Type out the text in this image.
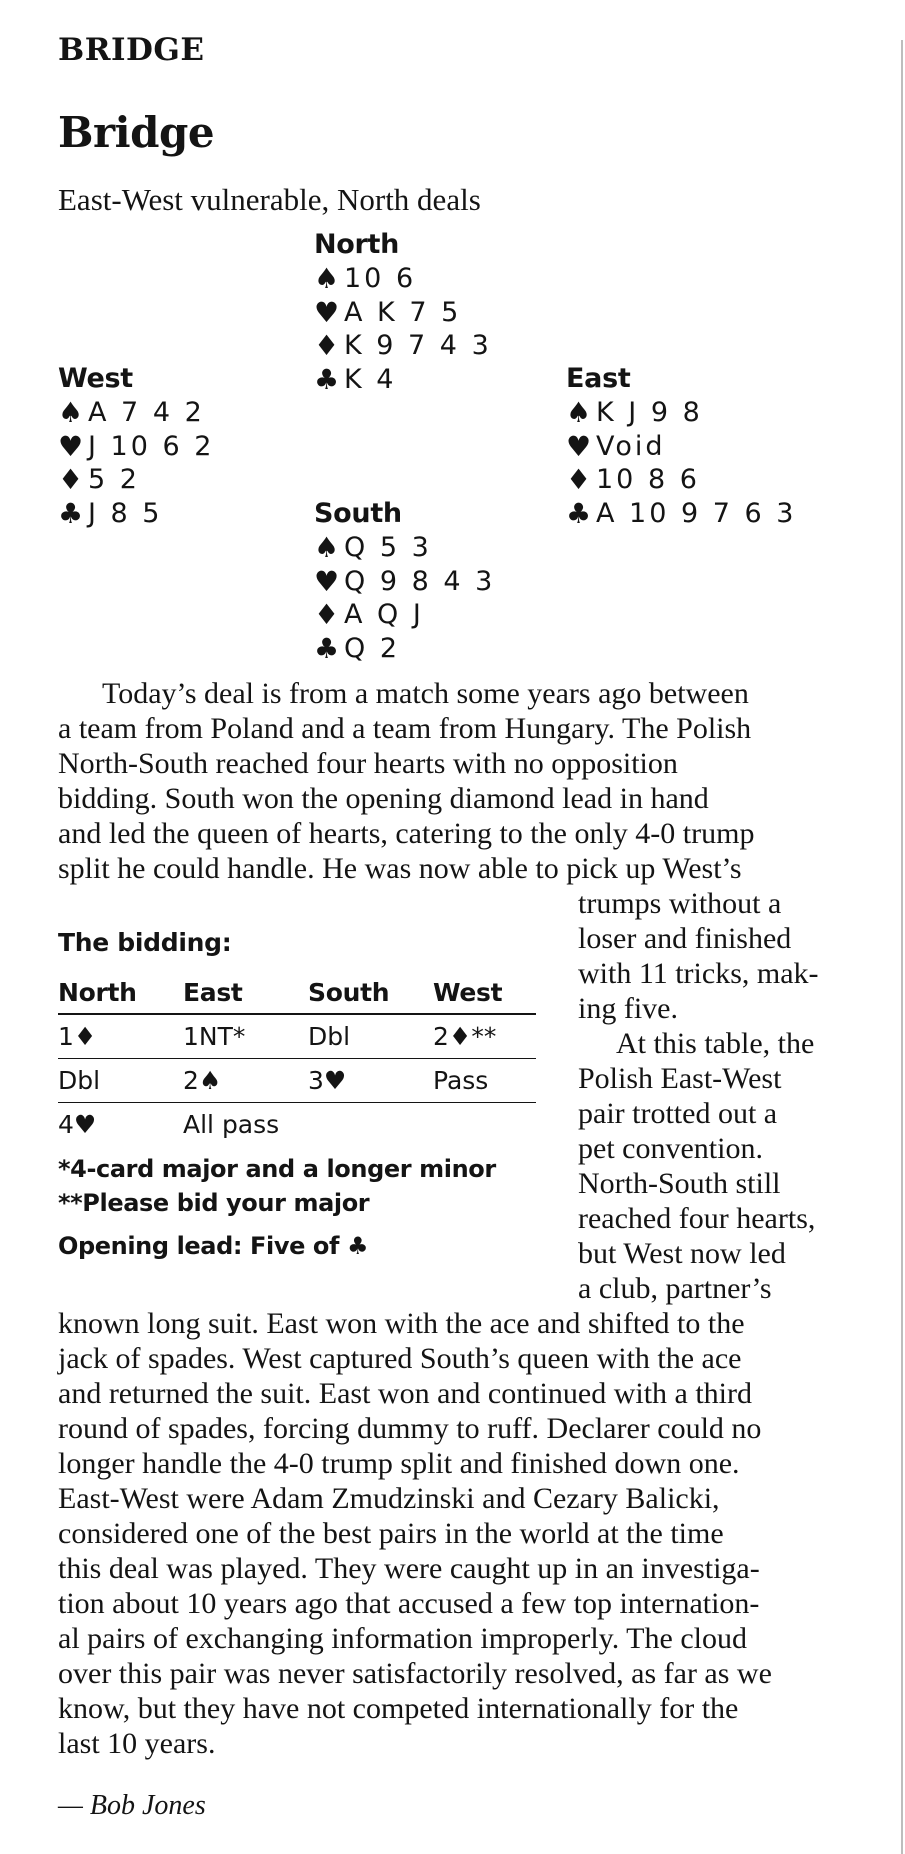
BRIDGE
Bridge
East-West vulnerable, North deals
North
♠ 10 6
♥ A K 7 5
♦ K 9 7 4 3
♣ K 4
West
♠ A 7 4 2
♥ J 10 6 2
♦ 5 2
♣ J 8 5
East
♠ K J 9 8
♥ Void
♦ 10 8 6
♣ A 10 9 7 6 3
South
♠ Q 5 3
♥ Q 9 8 4 3
♦ A Q J
♣ Q 2

Today’s deal is from a match some years ago between
a team from Poland and a team from Hungary. The Polish
North-South reached four hearts with no opposition
bidding. South won the opening diamond lead in hand
and led the queen of hearts, catering to the only 4-0 trump
split he could handle. He was now able to pick up West’s

The bidding:
North	East	South	West
1♦	1NT*	Dbl	2♦**
Dbl	2♠	3♥	Pass
4♥	All pass		
*4-card major and a longer minor
**Please bid your major
Opening lead: Five of ♣
trumps without a
loser and finished
with 11 tricks, mak-
ing five.
At this table, the
Polish East-West
pair trotted out a
pet convention.
North-South still
reached four hearts,
but West now led
a club, partner’s
known long suit. East won with the ace and shifted to the
jack of spades. West captured South’s queen with the ace
and returned the suit. East won and continued with a third
round of spades, forcing dummy to ruff. Declarer could no
longer handle the 4-0 trump split and finished down one.
East-West were Adam Zmudzinski and Cezary Balicki,
considered one of the best pairs in the world at the time
this deal was played. They were caught up in an investiga-
tion about 10 years ago that accused a few top internation-
al pairs of exchanging information improperly. The cloud
over this pair was never satisfactorily resolved, as far as we
know, but they have not competed internationally for the
last 10 years.
— Bob Jones
